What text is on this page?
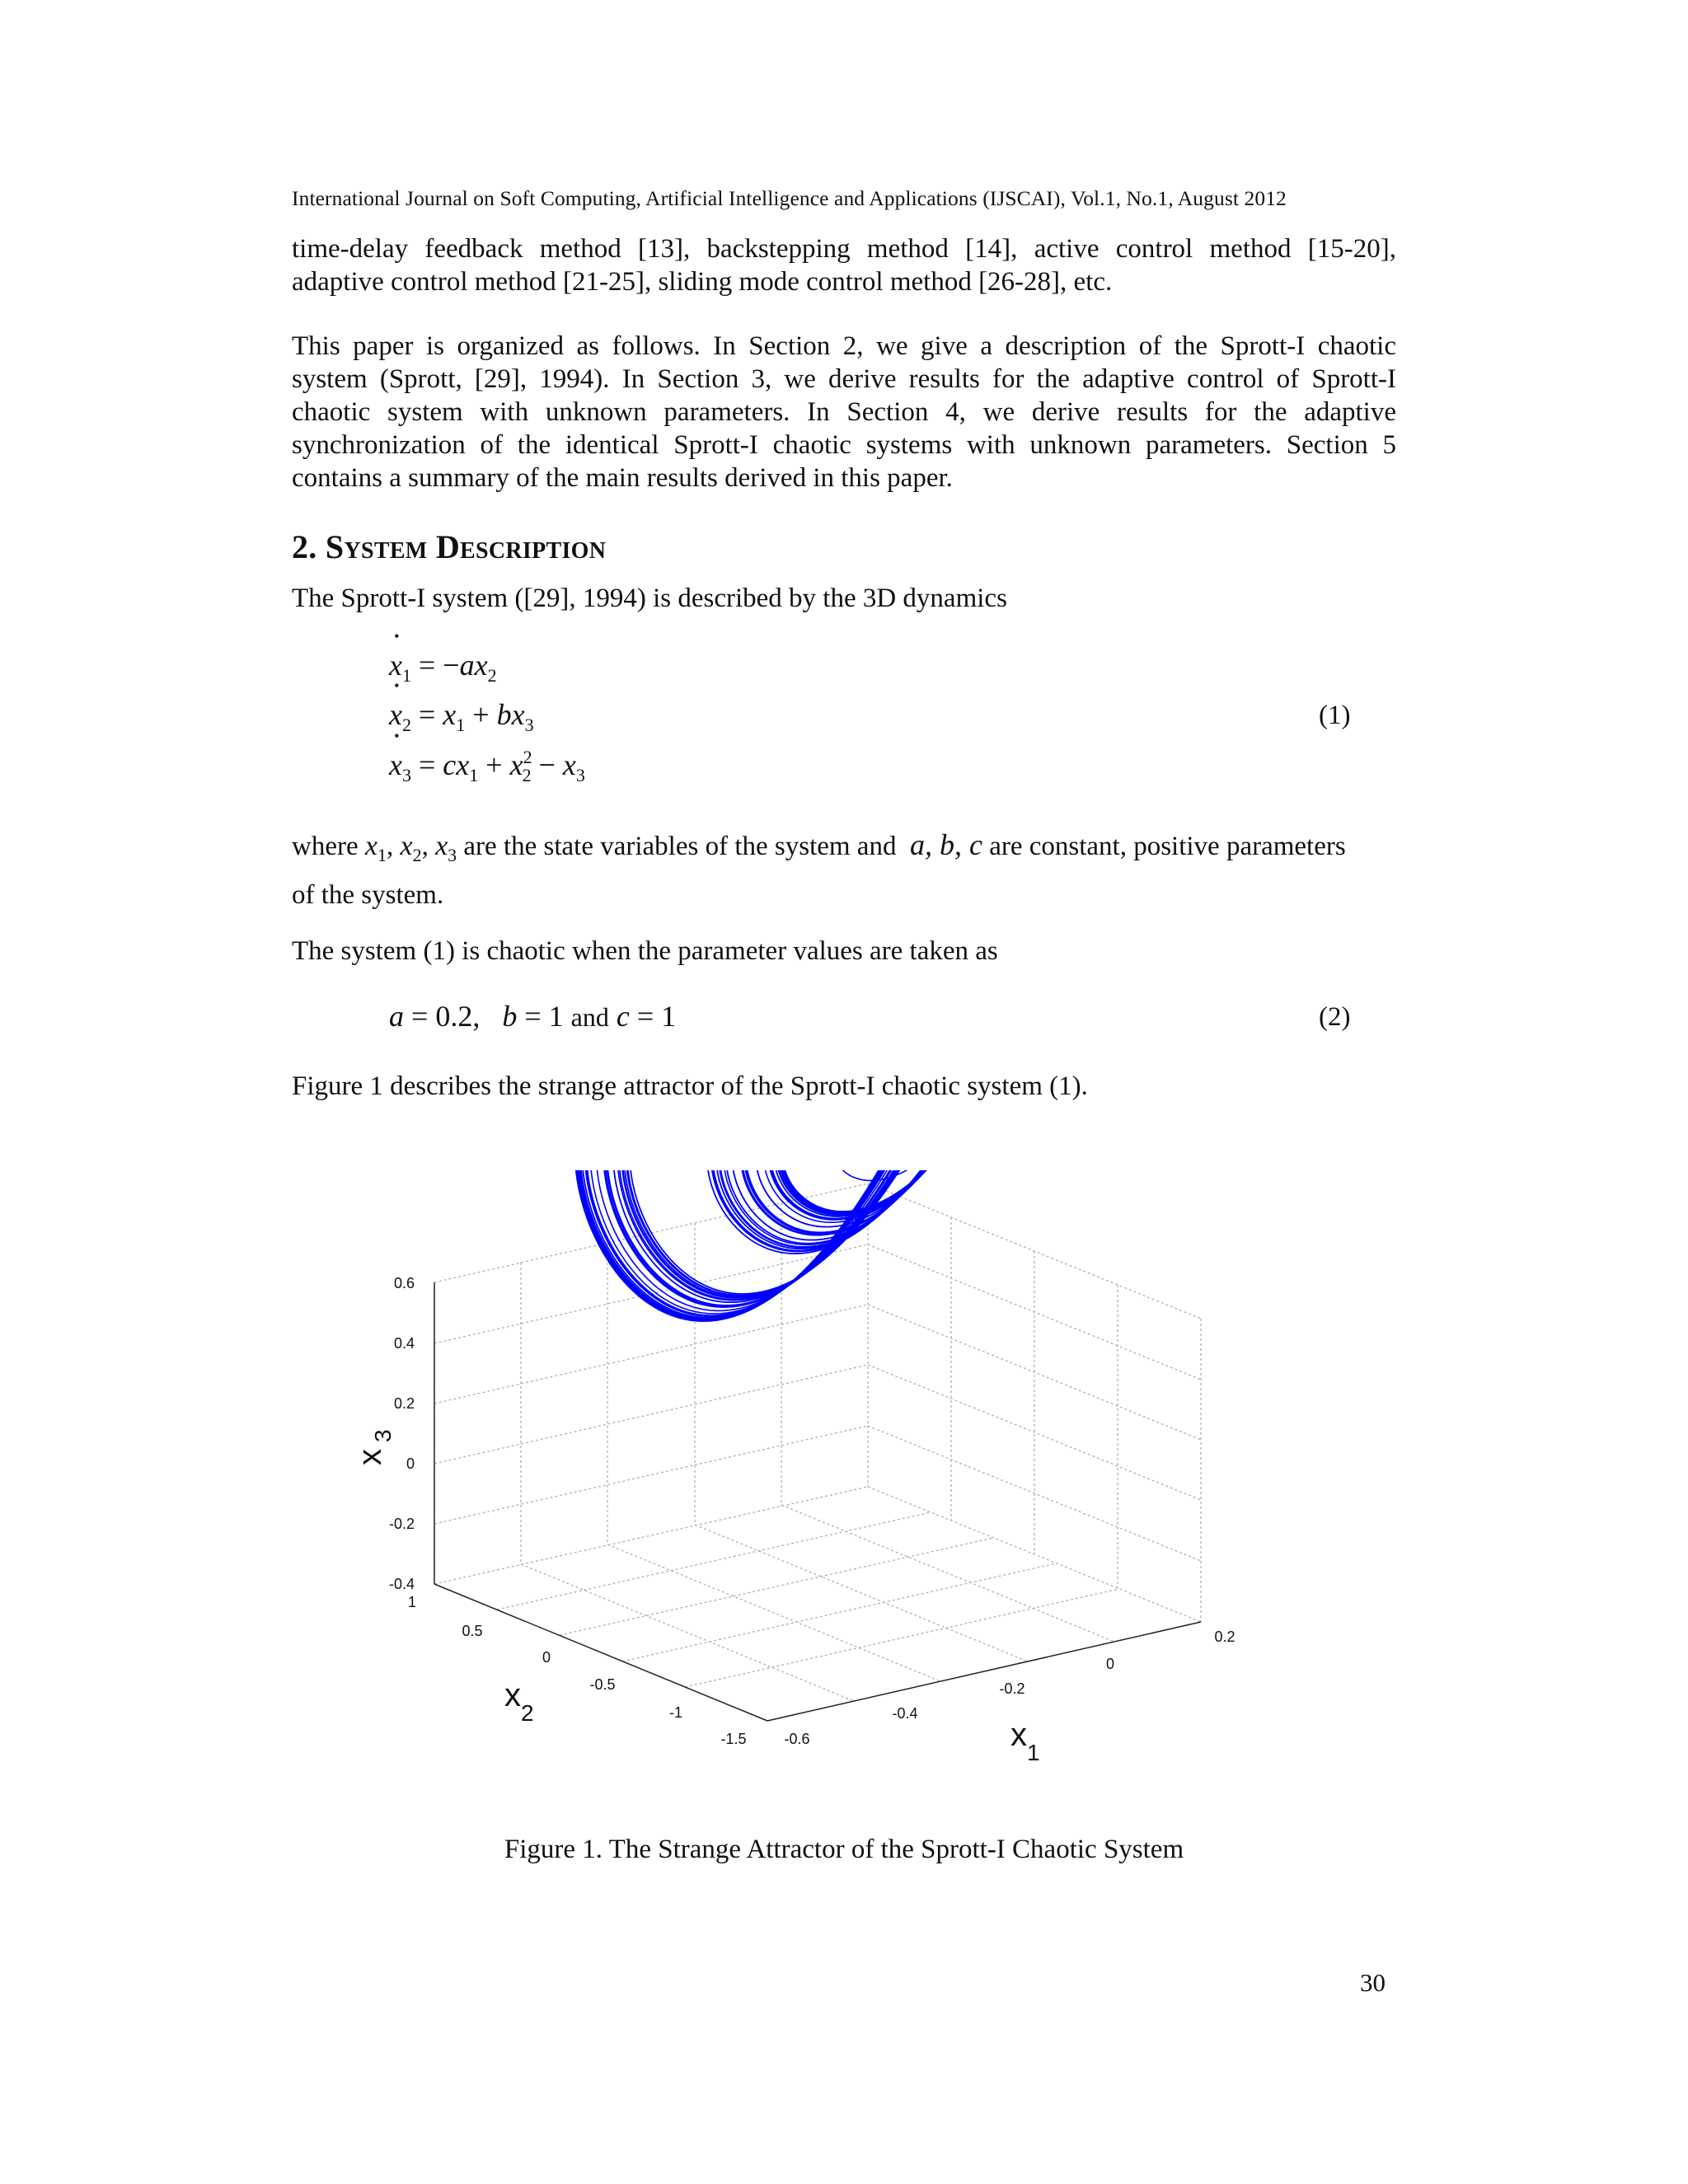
International Journal on Soft Computing, Artificial Intelligence and Applications (IJSCAI), Vol.1, No.1, August 2012
time-delay feedback method [13], backstepping method [14], active control method [15-20],
adaptive control method [21-25], sliding mode control method [26-28], etc.
This paper is organized as follows. In Section 2, we give a description of the Sprott-I chaotic
system (Sprott, [29], 1994). In Section 3, we derive results for the adaptive control of Sprott-I
chaotic system with unknown parameters. In Section 4, we derive results for the adaptive
synchronization of the identical Sprott-I chaotic systems with unknown parameters. Section 5
contains a summary of the main results derived in this paper.
2. System Description
The Sprott-I system ([29], 1994) is described by the 3D dynamics
• $x_1 = -ax_2$
• $x_2 = x_1 + bx_3$
• $x_3 = cx_1 + x^2_2 - x_3$
(1)
where $x_1$, $x_2$, $x_3$ are the state variables of the system and a, b, c are constant, positive parameters
of the system.
The system (1) is chaotic when the parameter values are taken as
a = 0.2, b = 1 and c = 1	(2)
Figure 1 describes the strange attractor of the Sprott-I chaotic system (1).
0.6
0.4
0.2
0
-0.2
-0.4
1
0.5
0
-0.5
-1
-1.5	-0.6
-0.4
-0.2
0
0.2
x
3
x 2
x 1
Figure 1. The Strange Attractor of the Sprott-I Chaotic System
30
